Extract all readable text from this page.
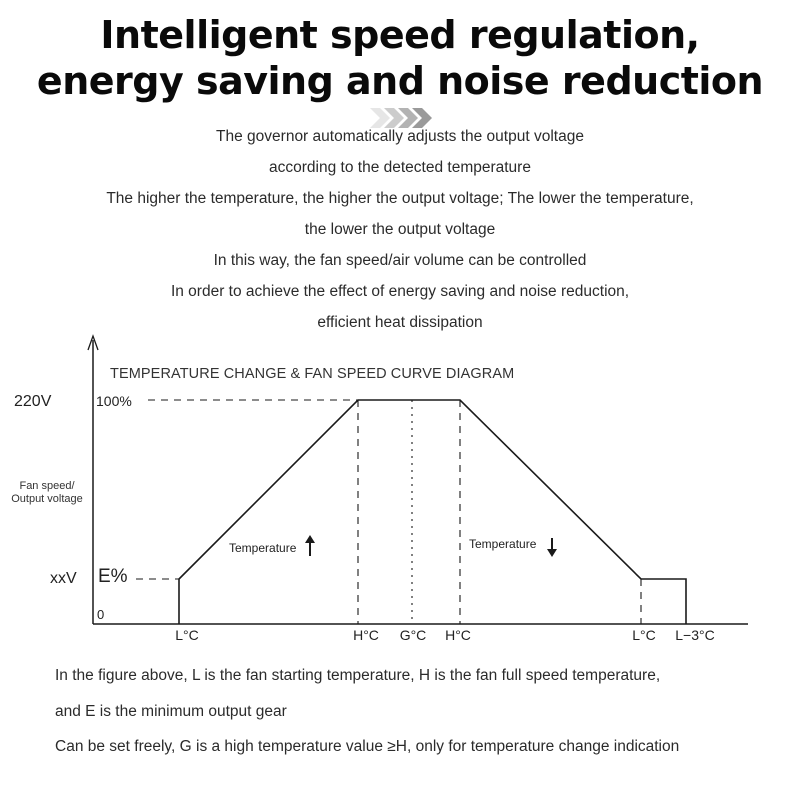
Intelligent speed regulation,
energy saving and noise reduction
The governor automatically adjusts the output voltage
according to the detected temperature
The higher the temperature, the higher the output voltage; The lower the temperature,
the lower the output voltage
In this way, the fan speed/air volume can be controlled
In order to achieve the effect of energy saving and noise reduction,
efficient heat dissipation
TEMPERATURE CHANGE & FAN SPEED CURVE DIAGRAM
220V	100%
Fan speed/
Output voltage
xxV E%
0
Temperature	Temperature
L°C	H°C	G°C	H°C	L°C	L−3°C
In the figure above, L is the fan starting temperature, H is the fan full speed temperature,
and E is the minimum output gear
Can be set freely, G is a high temperature value ≥H, only for temperature change indication
